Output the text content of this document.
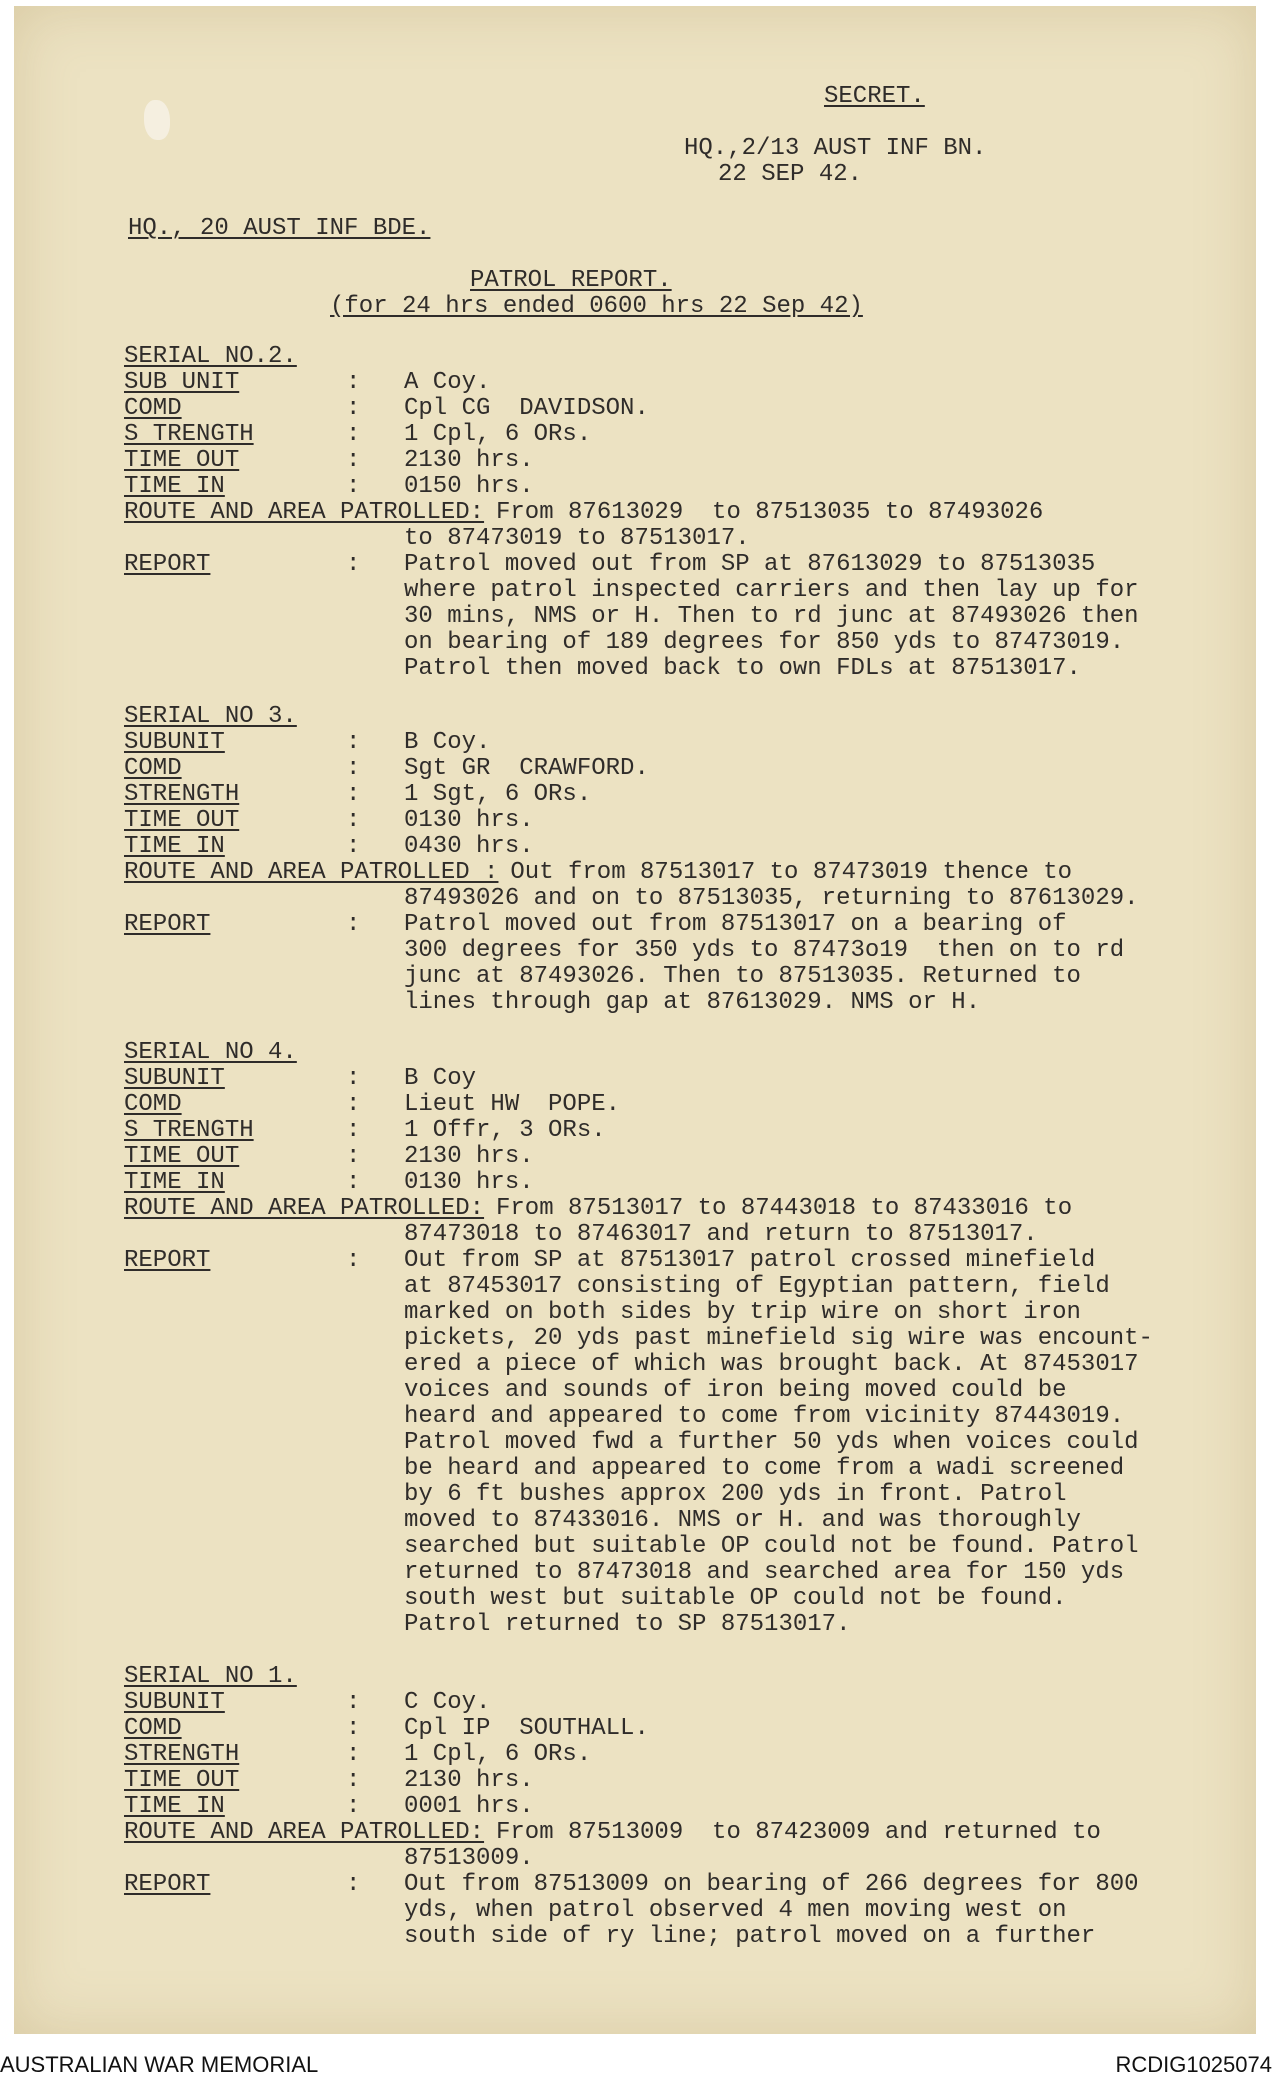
SECRET.
HQ.,2/13 AUST INF BN.
22 SEP 42.
HQ., 20 AUST INF BDE.
PATROL REPORT.
(for 24 hrs ended 0600 hrs 22 Sep 42)
SERIAL NO.2.
SUB UNIT	: A Coy.
COMD	: Cpl CG  DAVIDSON.
S TRENGTH	: 1 Cpl, 6 ORs.
TIME OUT	: 2130 hrs.
TIME IN	: 0150 hrs.
ROUTE AND AREA PATROLLED: From 87613029  to 87513035 to 87493026
to 87473019 to 87513017.
REPORT	: Patrol moved out from SP at 87613029 to 87513035
where patrol inspected carriers and then lay up for
30 mins, NMS or H. Then to rd junc at 87493026 then
on bearing of 189 degrees for 850 yds to 87473019.
Patrol then moved back to own FDLs at 87513017.
SERIAL NO 3.
SUBUNIT	: B Coy.
COMD	: Sgt GR  CRAWFORD.
STRENGTH	: 1 Sgt, 6 ORs.
TIME OUT	: 0130 hrs.
TIME IN	: 0430 hrs.
ROUTE AND AREA PATROLLED : Out from 87513017 to 87473019 thence to
87493026 and on to 87513035, returning to 87613029.
REPORT	: Patrol moved out from 87513017 on a bearing of
300 degrees for 350 yds to 87473o19  then on to rd
junc at 87493026. Then to 87513035. Returned to
lines through gap at 87613029. NMS or H.
SERIAL NO 4.
SUBUNIT	: B Coy
COMD	: Lieut HW  POPE.
S TRENGTH	: 1 Offr, 3 ORs.
TIME OUT	: 2130 hrs.
TIME IN	: 0130 hrs.
ROUTE AND AREA PATROLLED: From 87513017 to 87443018 to 87433016 to
87473018 to 87463017 and return to 87513017.
REPORT	: Out from SP at 87513017 patrol crossed minefield
at 87453017 consisting of Egyptian pattern, field
marked on both sides by trip wire on short iron
pickets, 20 yds past minefield sig wire was encount-
ered a piece of which was brought back. At 87453017
voices and sounds of iron being moved could be
heard and appeared to come from vicinity 87443019.
Patrol moved fwd a further 50 yds when voices could
be heard and appeared to come from a wadi screened
by 6 ft bushes approx 200 yds in front. Patrol
moved to 87433016. NMS or H. and was thoroughly
searched but suitable OP could not be found. Patrol
returned to 87473018 and searched area for 150 yds
south west but suitable OP could not be found.
Patrol returned to SP 87513017.
SERIAL NO 1.
SUBUNIT	: C Coy.
COMD	: Cpl IP  SOUTHALL.
STRENGTH	: 1 Cpl, 6 ORs.
TIME OUT	: 2130 hrs.
TIME IN	: 0001 hrs.
ROUTE AND AREA PATROLLED: From 87513009  to 87423009 and returned to
87513009.
REPORT	: Out from 87513009 on bearing of 266 degrees for 800
yds, when patrol observed 4 men moving west on
south side of ry line; patrol moved on a further
AUSTRALIAN WAR MEMORIAL	RCDIG1025074
